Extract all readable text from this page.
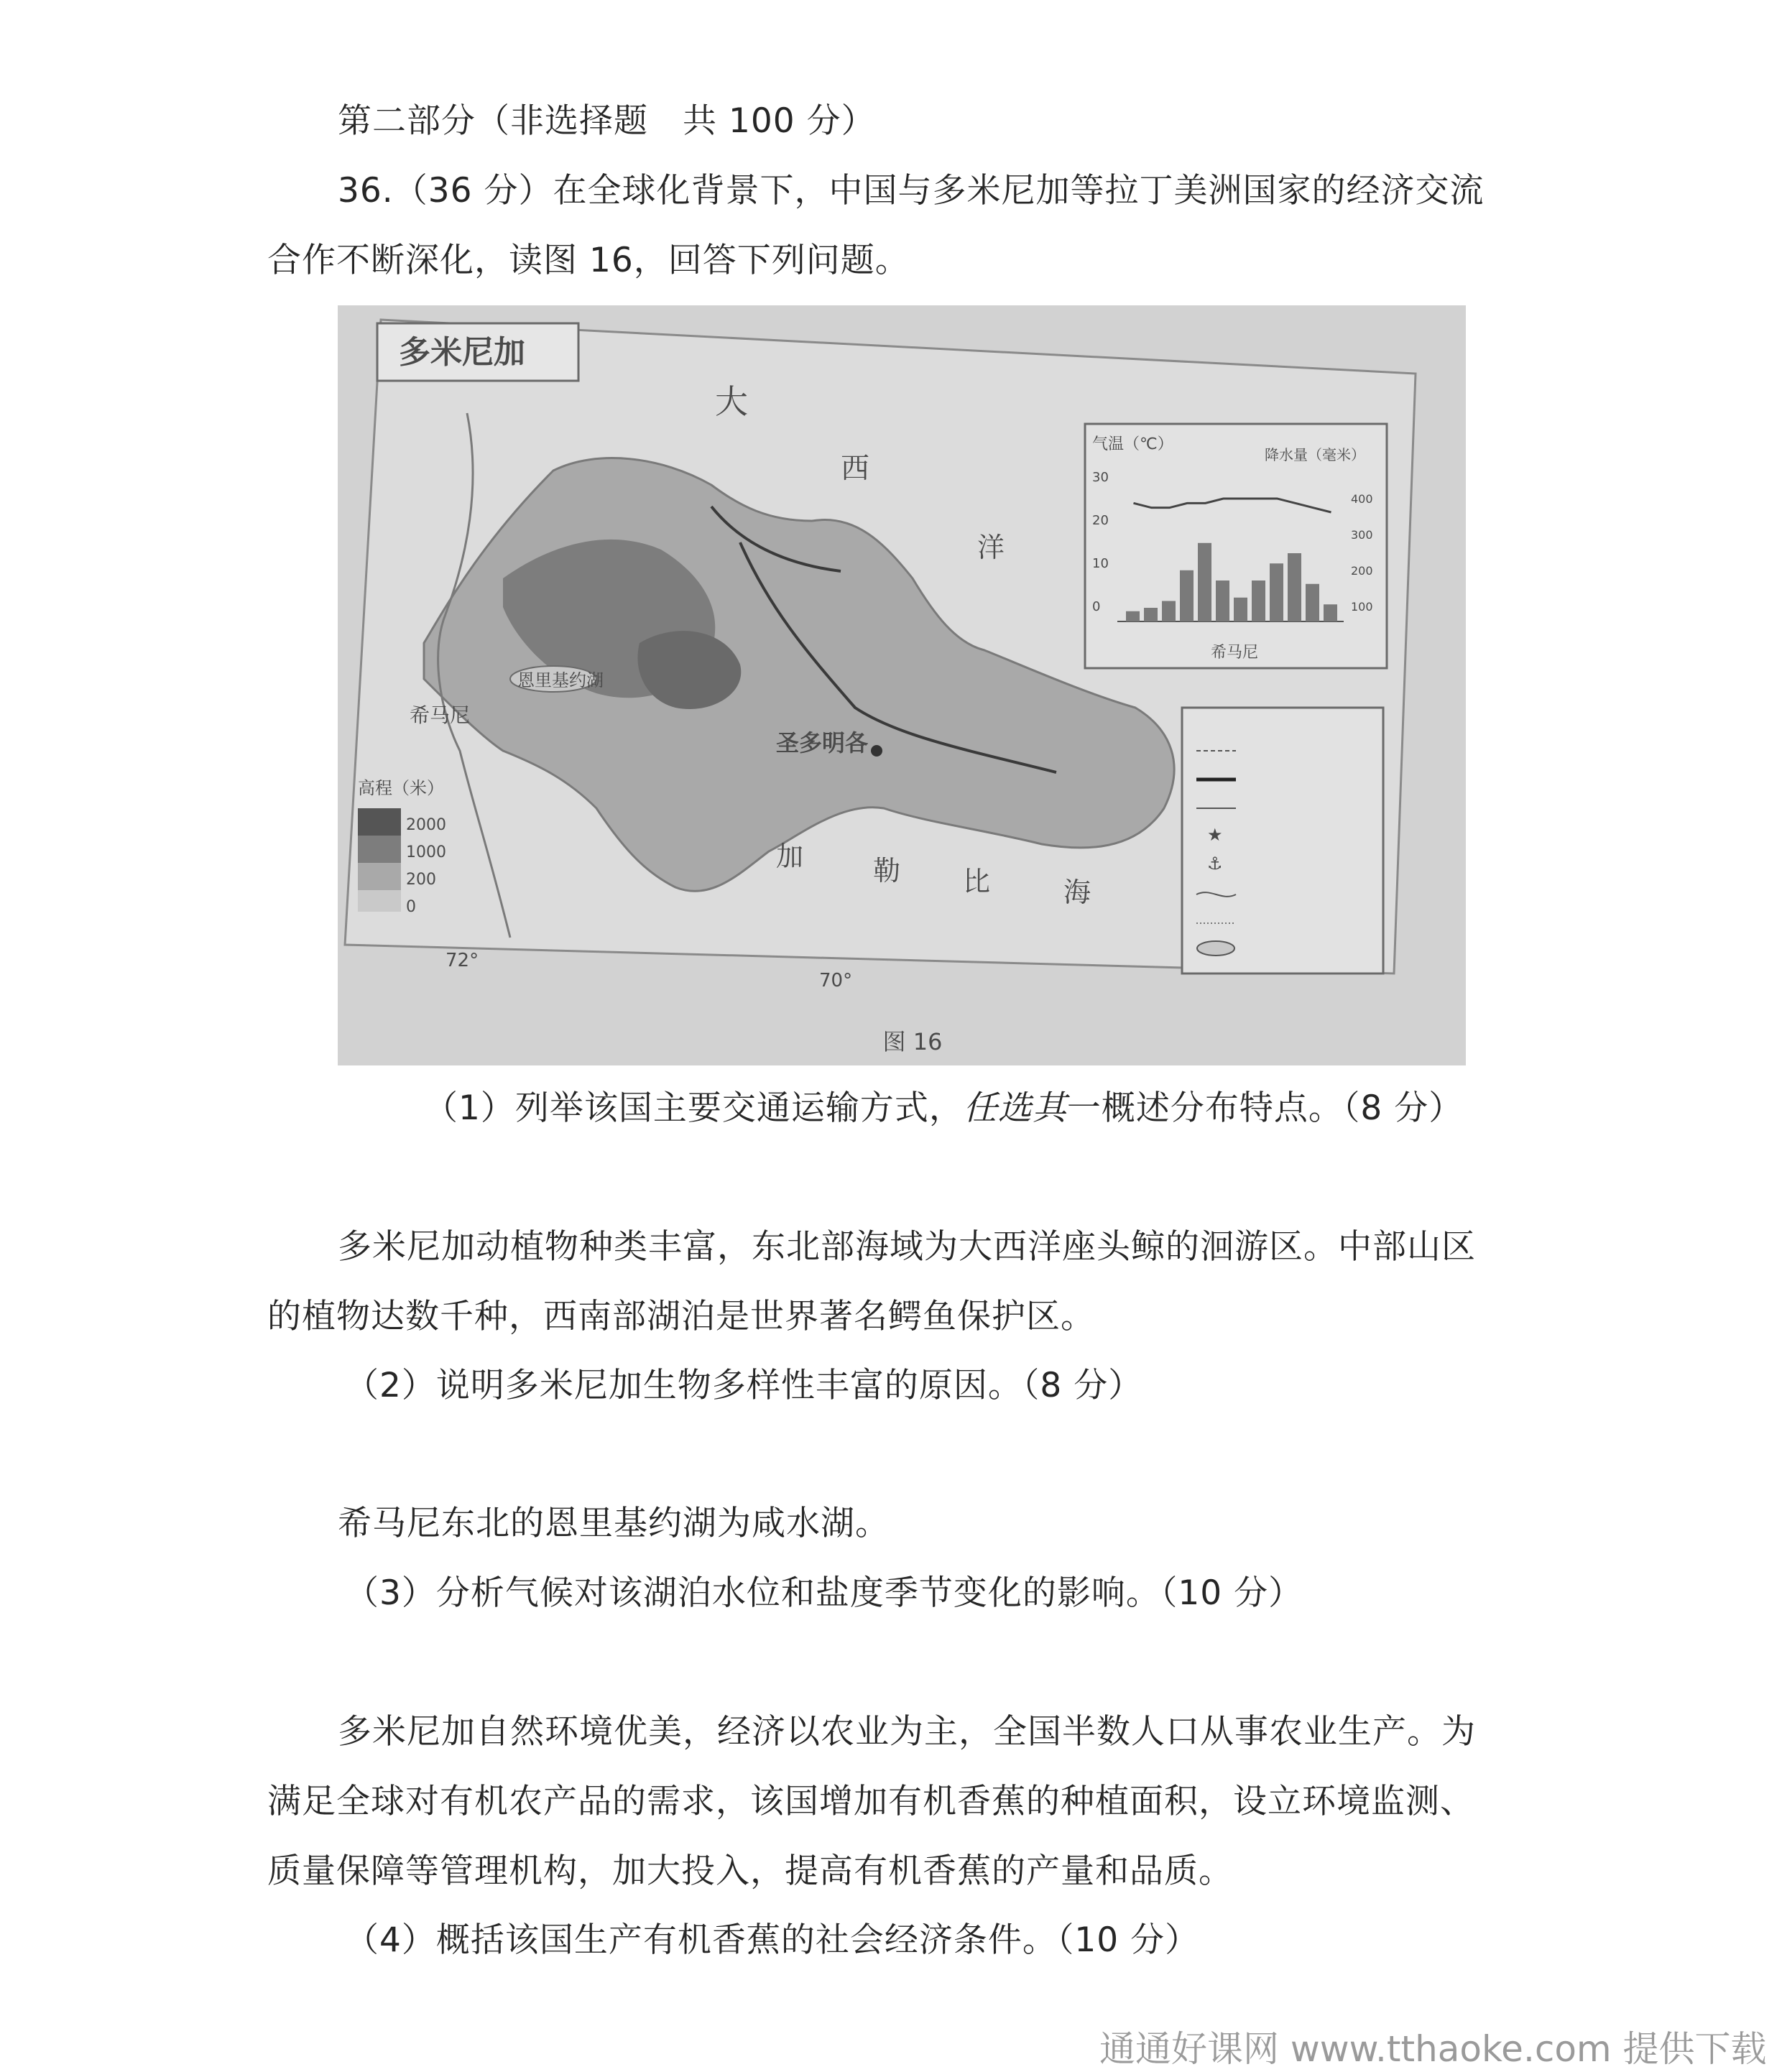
第二部分（非选择题　共 100 分）
36.（36 分）在全球化背景下，中国与多米尼加等拉丁美洲国家的经济交流
合作不断深化，读图 16，回答下列问题。
多米尼加
大
西
洋
加	勒 比	海
圣多明各
希马尼
恩里基约湖
高程（米）
2000
1000
200
0
72°
70°
气温（℃）
降水量（毫米）
30
20
10
0
400
300
200
100
希马尼
★
⚓
图 16
（1）列举该国主要交通运输方式，任选其一概述分布特点。（8 分）
多米尼加动植物种类丰富，东北部海域为大西洋座头鲸的洄游区。中部山区
的植物达数千种，西南部湖泊是世界著名鳄鱼保护区。
（2）说明多米尼加生物多样性丰富的原因。（8 分）
希马尼东北的恩里基约湖为咸水湖。
（3）分析气候对该湖泊水位和盐度季节变化的影响。（10 分）
多米尼加自然环境优美，经济以农业为主，全国半数人口从事农业生产。为
满足全球对有机农产品的需求，该国增加有机香蕉的种植面积，设立环境监测、
质量保障等管理机构，加大投入，提高有机香蕉的产量和品质。
（4）概括该国生产有机香蕉的社会经济条件。（10 分）
通通好课网 www.tthaoke.com 提供下载
